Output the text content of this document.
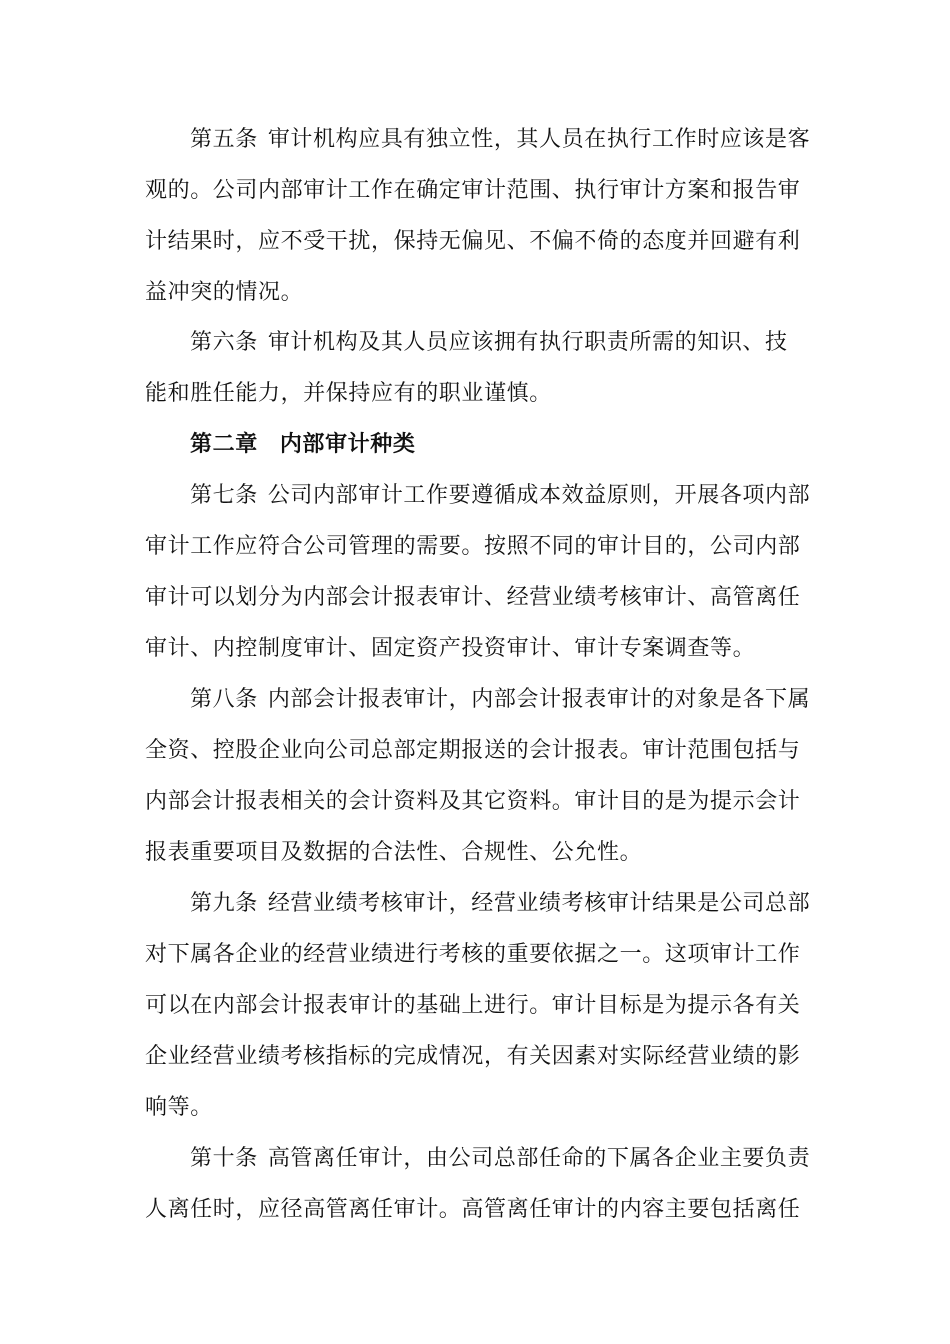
第五条 审计机构应具有独立性，其人员在执行工作时应该是客
观的。公司内部审计工作在确定审计范围、执行审计方案和报告审
计结果时，应不受干扰，保持无偏见、不偏不倚的态度并回避有利
益冲突的情况。
第六条 审计机构及其人员应该拥有执行职责所需的知识、技
能和胜任能力，并保持应有的职业谨慎。
第二章 内部审计种类
第七条 公司内部审计工作要遵循成本效益原则，开展各项内部
审计工作应符合公司管理的需要。按照不同的审计目的，公司内部
审计可以划分为内部会计报表审计、经营业绩考核审计、高管离任
审计、内控制度审计、固定资产投资审计、审计专案调查等。
第八条 内部会计报表审计，内部会计报表审计的对象是各下属
全资、控股企业向公司总部定期报送的会计报表。审计范围包括与
内部会计报表相关的会计资料及其它资料。审计目的是为提示会计
报表重要项目及数据的合法性、合规性、公允性。
第九条 经营业绩考核审计，经营业绩考核审计结果是公司总部
对下属各企业的经营业绩进行考核的重要依据之一。这项审计工作
可以在内部会计报表审计的基础上进行。审计目标是为提示各有关
企业经营业绩考核指标的完成情况，有关因素对实际经营业绩的影
响等。
第十条 高管离任审计，由公司总部任命的下属各企业主要负责
人离任时，应径高管离任审计。高管离任审计的内容主要包括离任
